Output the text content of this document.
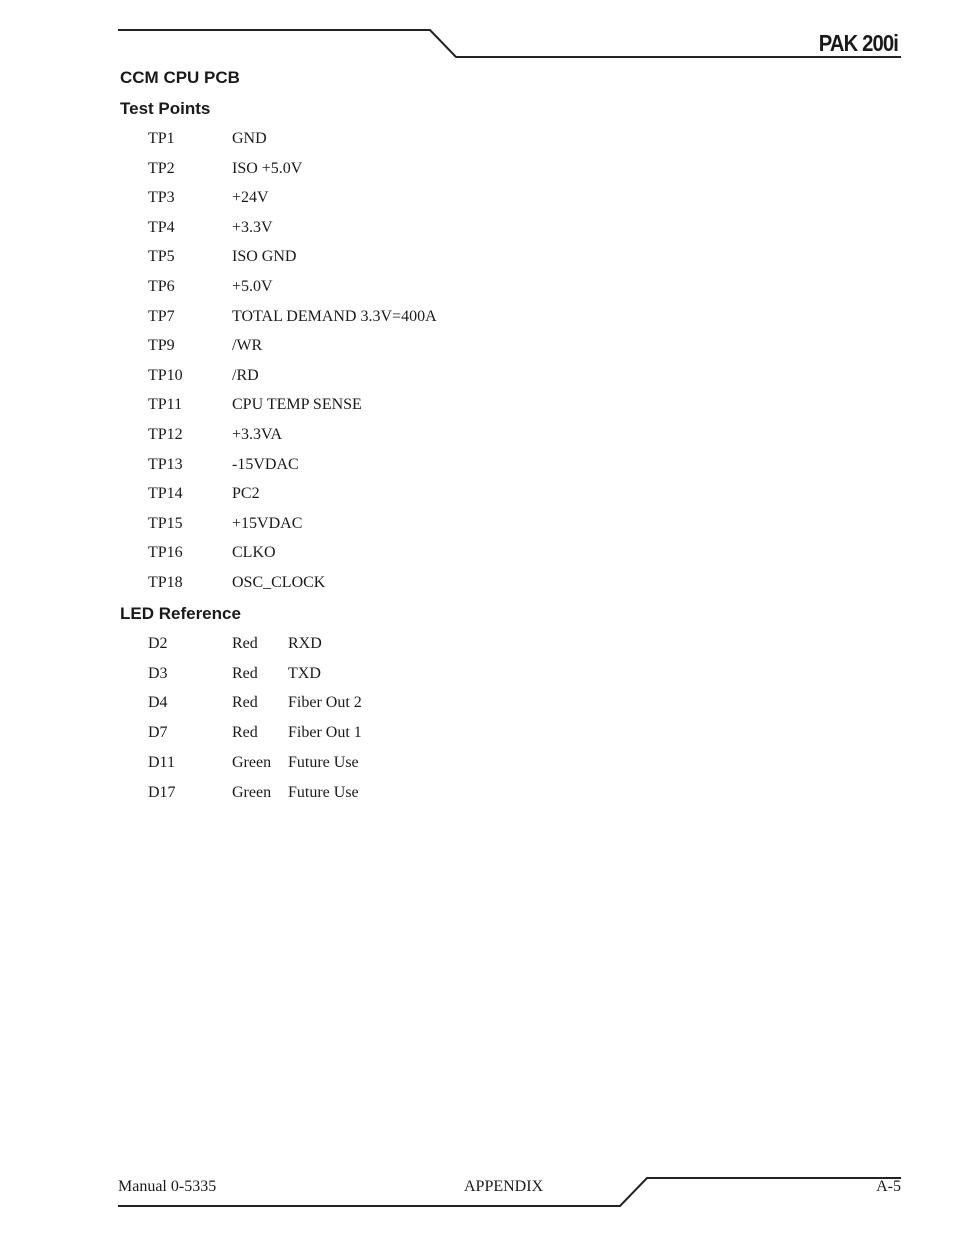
PAK 200i
CCM CPU PCB
Test Points
TP1	GND
TP2	ISO +5.0V
TP3	+24V
TP4	+3.3V
TP5	ISO GND
TP6	+5.0V
TP7	TOTAL DEMAND 3.3V=400A
TP9	/WR
TP10	/RD
TP11	CPU TEMP SENSE
TP12	+3.3VA
TP13	-15VDAC
TP14	PC2
TP15	+15VDAC
TP16	CLKO
TP18	OSC_CLOCK
LED Reference
D2	Red RXD
D3	Red TXD
D4	Red Fiber Out 2
D7	Red Fiber Out 1
D11	Green Future Use
D17	Green Future Use
Manual 0-5335	APPENDIX	A-5
